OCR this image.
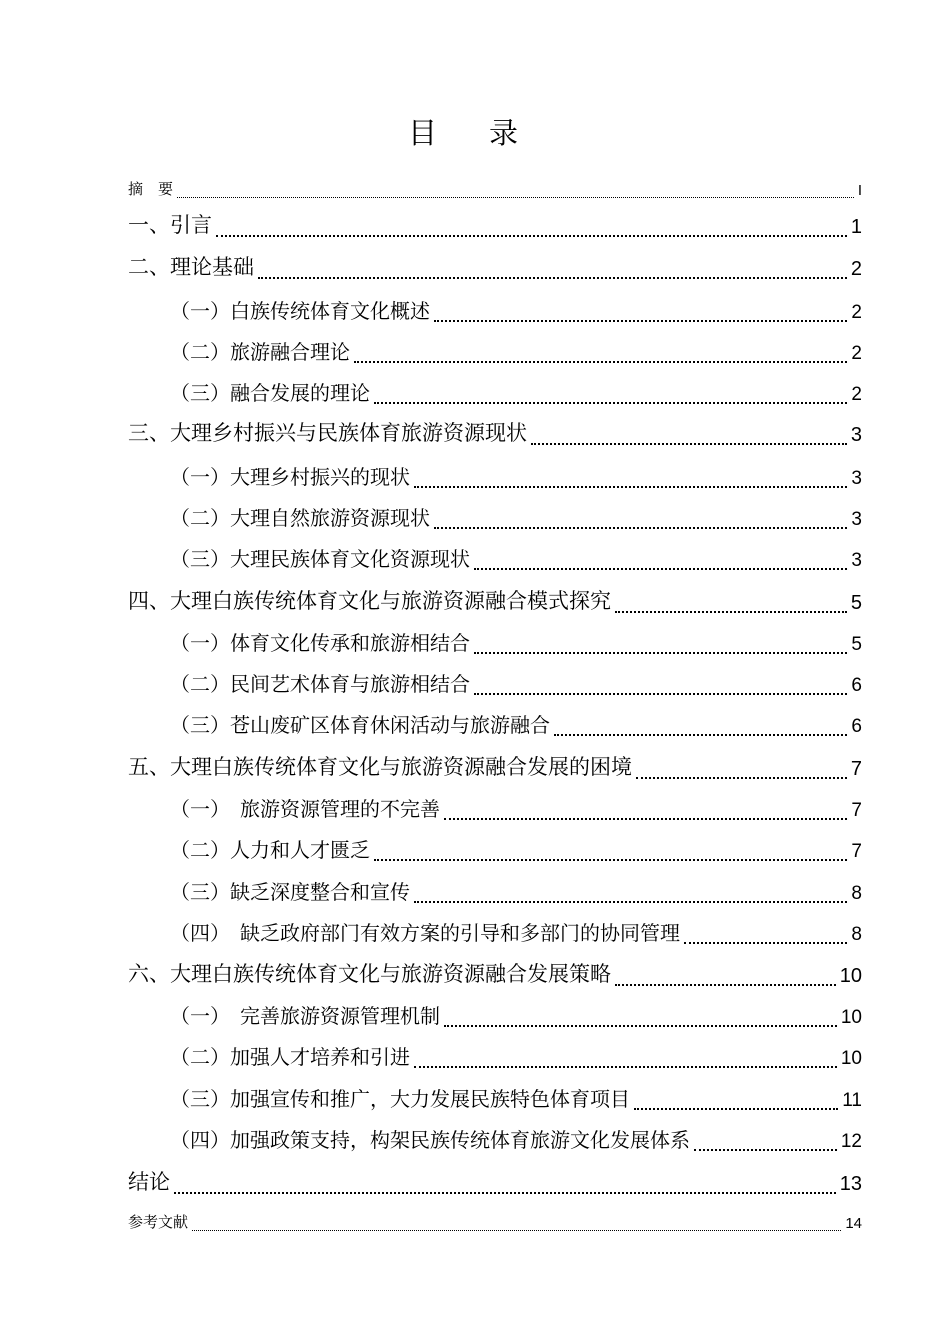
目录
摘　要	I
一、引言	1
二、理论基础	2
（一）白族传统体育文化概述	2
（二）旅游融合理论	2
（三）融合发展的理论	2
三、大理乡村振兴与民族体育旅游资源现状	3
（一）大理乡村振兴的现状	3
（二）大理自然旅游资源现状	3
（三）大理民族体育文化资源现状	3
四、大理白族传统体育文化与旅游资源融合模式探究	5
（一）体育文化传承和旅游相结合	5
（二）民间艺术体育与旅游相结合	6
（三）苍山废矿区体育休闲活动与旅游融合	6
五、大理白族传统体育文化与旅游资源融合发展的困境	7
（一）　旅游资源管理的不完善	7
（二）人力和人才匮乏	7
（三）缺乏深度整合和宣传	8
（四）　缺乏政府部门有效方案的引导和多部门的协同管理	8
六、大理白族传统体育文化与旅游资源融合发展策略	10
（一）　完善旅游资源管理机制	10
（二）加强人才培养和引进	10
（三）加强宣传和推广，大力发展民族特色体育项目	11
（四）加强政策支持，构架民族传统体育旅游文化发展体系	12
结论	13
参考文献	14
